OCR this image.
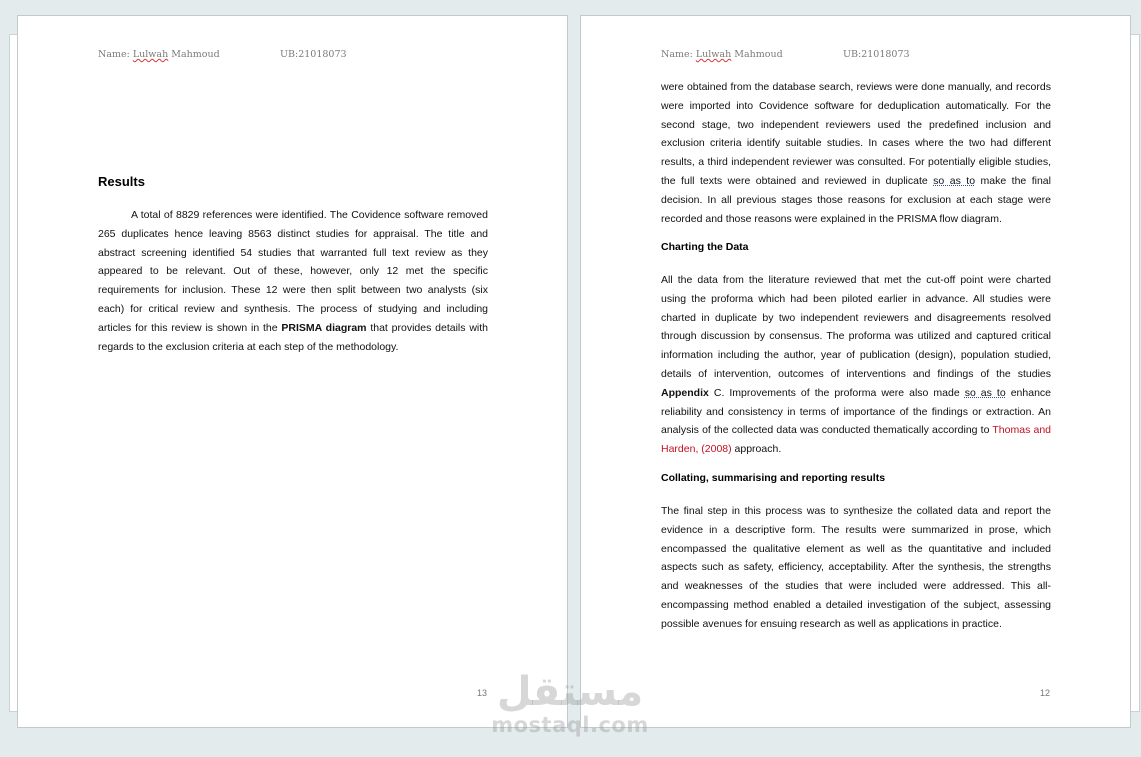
Name: Lulwah Mahmoud	UB:21018073
Results

A total of 8829 references were identified. The Covidence software removed 265 duplicates hence leaving 8563 distinct studies for appraisal. The title and abstract screening identified 54 studies that warranted full text review as they appeared to be relevant. Out of these, however, only 12 met the specific requirements for inclusion. These 12 were then split between two analysts (six each) for critical review and synthesis. The process of studying and including articles for this review is shown in the PRISMA diagram that provides details with regards to the exclusion criteria at each step of the methodology.

13
Name: Lulwah Mahmoud	UB:21018073

were obtained from the database search, reviews were done manually, and records were imported into Covidence software for deduplication automatically. For the second stage, two independent reviewers used the predefined inclusion and exclusion criteria identify suitable studies. In cases where the two had different results, a third independent reviewer was consulted. For potentially eligible studies, the full texts were obtained and reviewed in duplicate so as to make the final decision. In all previous stages those reasons for exclusion at each stage were recorded and those reasons were explained in the PRISMA flow diagram.

Charting the Data

All the data from the literature reviewed that met the cut-off point were charted using the proforma which had been piloted earlier in advance. All studies were charted in duplicate by two independent reviewers and disagreements resolved through discussion by consensus. The proforma was utilized and captured critical information including the author, year of publication (design), population studied, details of intervention, outcomes of interventions and findings of the studies Appendix C. Improvements of the proforma were also made so as to enhance reliability and consistency in terms of importance of the findings or extraction. An analysis of the collected data was conducted thematically according to Thomas and Harden, (2008) approach.

Collating, summarising and reporting results

The final step in this process was to synthesize the collated data and report the evidence in a descriptive form. The results were summarized in prose, which encompassed the qualitative element as well as the quantitative and included aspects such as safety, efficiency, acceptability. After the synthesis, the strengths and weaknesses of the studies that were included were addressed. This all-encompassing method enabled a detailed investigation of the subject, assessing possible avenues for ensuing research as well as applications in practice.

12
مستقل
mostaql.com
